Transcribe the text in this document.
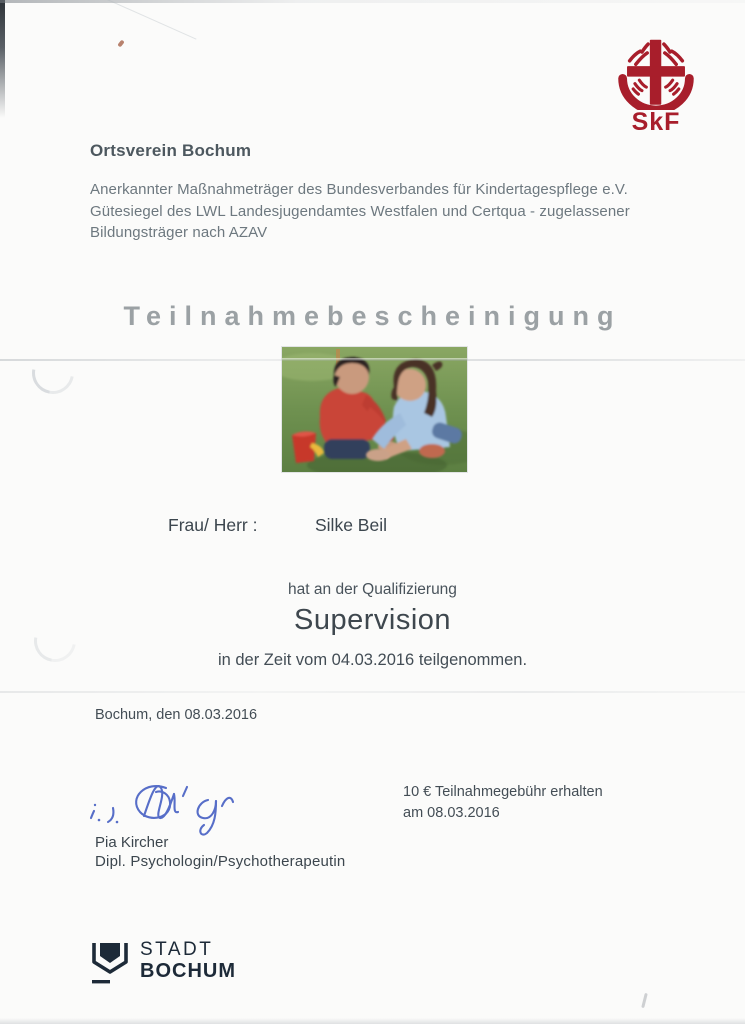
SkF
Ortsverein Bochum
Anerkannter Maßnahmeträger des Bundesverbandes für Kindertagespflege e.V.
Gütesiegel des LWL Landesjugendamtes Westfalen und Certqua - zugelassener
Bildungsträger nach AZAV
Teilnahmebescheinigung
Frau/ Herr :	Silke Beil
hat an der Qualifizierung
Supervision
in der Zeit vom 04.03.2016 teilgenommen.
Bochum, den 08.03.2016
Pia Kircher
Dipl. Psychologin/Psychotherapeutin
10 € Teilnahmegebühr erhalten
am 08.03.2016
STADT
BOCHUM
